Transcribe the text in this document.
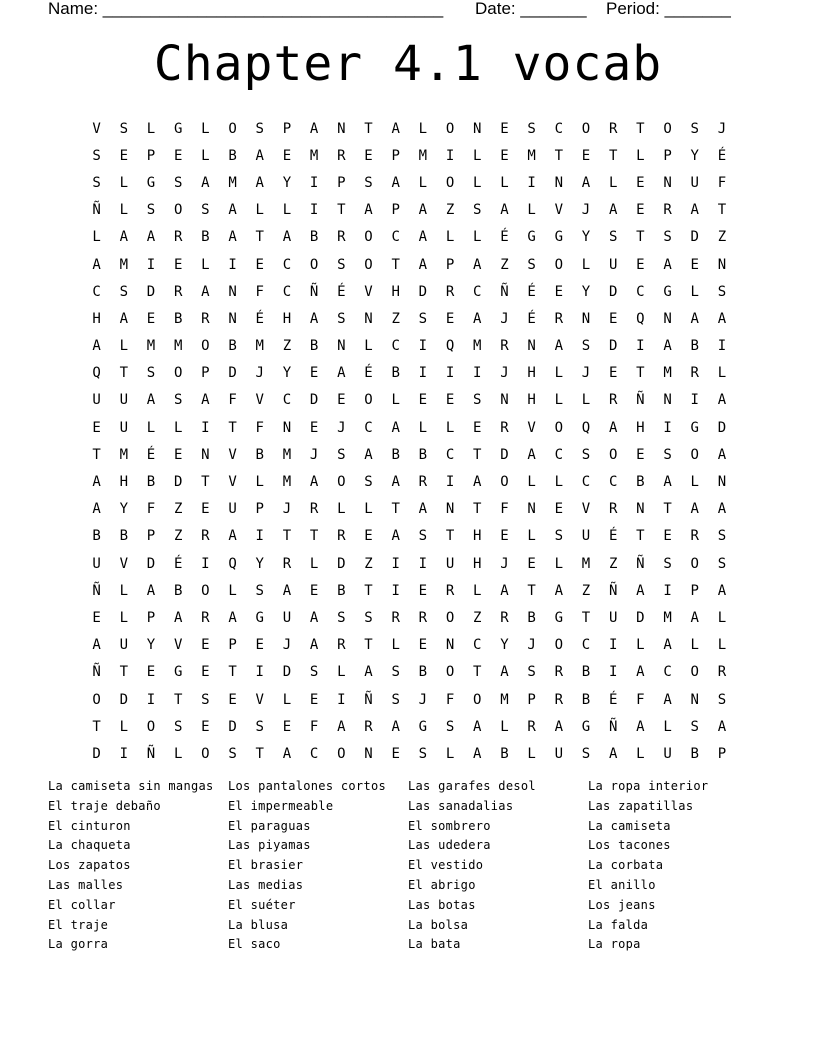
Name: ____________________________________ Date: _______ Period: _______
Chapter 4.1 vocab
V	S	L	G	L	O	S	P	A	N	T	A	L	O	N	E	S	C	O	R	T	O	S	J
S	E	P	E	L	B	A	E	M	R	E	P	M	I	L	E	M	T	E	T	L	P	Y	É
S	L	G	S	A	M	A	Y	I	P	S	A	L	O	L	L	I	N	A	L	E	N	U	F
Ñ	L	S	O	S	A	L	L	I	T	A	P	A	Z	S	A	L	V	J	A	E	R	A	T
L	A	A	R	B	A	T	A	B	R	O	C	A	L	L	É	G	G	Y	S	T	S	D	Z
A	M	I	E	L	I	E	C	O	S	O	T	A	P	A	Z	S	O	L	U	E	A	E	N
C	S	D	R	A	N	F	C	Ñ	É	V	H	D	R	C	Ñ	É	E	Y	D	C	G	L	S
H	A	E	B	R	N	É	H	A	S	N	Z	S	E	A	J	É	R	N	E	Q	N	A	A
A	L	M	M	O	B	M	Z	B	N	L	C	I	Q	M	R	N	A	S	D	I	A	B	I
Q	T	S	O	P	D	J	Y	E	A	É	B	I	I	I	J	H	L	J	E	T	M	R	L
U	U	A	S	A	F	V	C	D	E	O	L	E	E	S	N	H	L	L	R	Ñ	N	I	A
E	U	L	L	I	T	F	N	E	J	C	A	L	L	E	R	V	O	Q	A	H	I	G	D
T	M	É	E	N	V	B	M	J	S	A	B	B	C	T	D	A	C	S	O	E	S	O	A
A	H	B	D	T	V	L	M	A	O	S	A	R	I	A	O	L	L	C	C	B	A	L	N
A	Y	F	Z	E	U	P	J	R	L	L	T	A	N	T	F	N	E	V	R	N	T	A	A
B	B	P	Z	R	A	I	T	T	R	E	A	S	T	H	E	L	S	U	É	T	E	R	S
U	V	D	É	I	Q	Y	R	L	D	Z	I	I	U	H	J	E	L	M	Z	Ñ	S	O	S
Ñ	L	A	B	O	L	S	A	E	B	T	I	E	R	L	A	T	A	Z	Ñ	A	I	P	A
E	L	P	A	R	A	G	U	A	S	S	R	R	O	Z	R	B	G	T	U	D	M	A	L
A	U	Y	V	E	P	E	J	A	R	T	L	E	N	C	Y	J	O	C	I	L	A	L	L
Ñ	T	E	G	E	T	I	D	S	L	A	S	B	O	T	A	S	R	B	I	A	C	O	R
O	D	I	T	S	E	V	L	E	I	Ñ	S	J	F	O	M	P	R	B	É	F	A	N	S
T	L	O	S	E	D	S	E	F	A	R	A	G	S	A	L	R	A	G	Ñ	A	L	S	A
D	I	Ñ	L	O	S	T	A	C	O	N	E	S	L	A	B	L	U	S	A	L	U	B	P
La camiseta sin mangas	Los pantalones cortos	Las garafes desol	La ropa interior
El traje debaño	El impermeable	Las sanadalias	Las zapatillas
El cinturon	El paraguas	El sombrero	La camiseta
La chaqueta	Las piyamas	Las udedera	Los tacones
Los zapatos	El brasier	El vestido	La corbata
Las malles	Las medias	El abrigo	El anillo
El collar	El suéter	Las botas	Los jeans
El traje	La blusa	La bolsa	La falda
La gorra	El saco	La bata	La ropa
